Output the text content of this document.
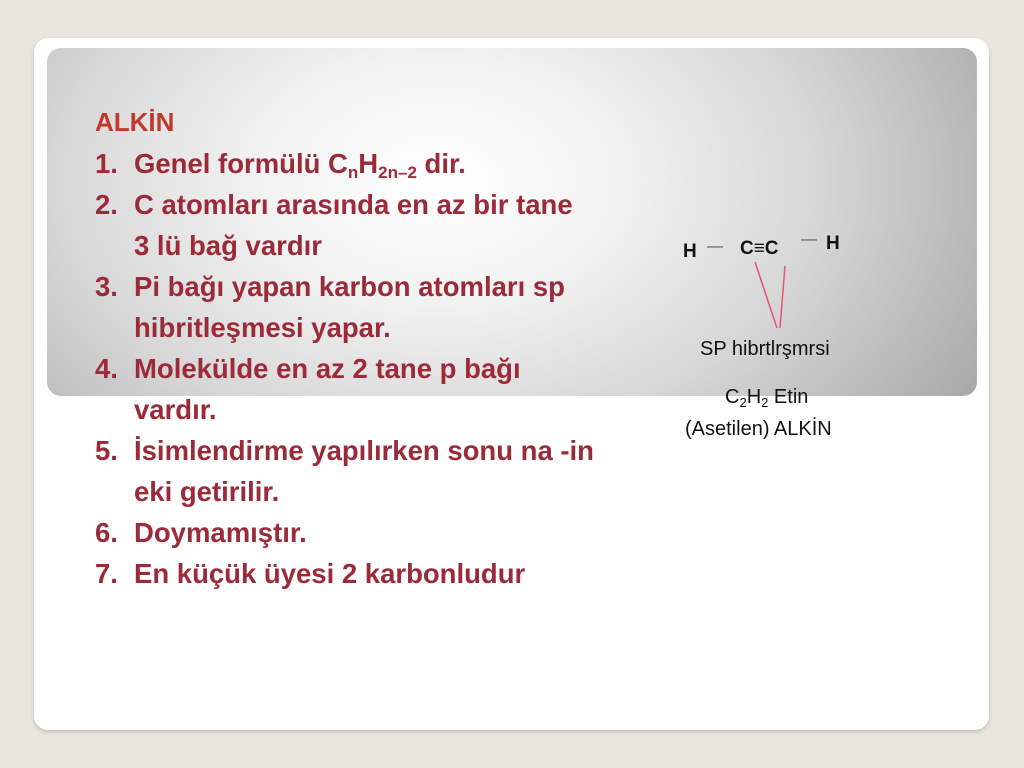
ALKİN
1. Genel formülü $C_nH_{2n-2}$ dir.
2. C atomları arasında en az bir tane 3 lü bağ vardır
3. Pi bağı yapan karbon atomları sp hibritleşmesi yapar.
4. Molekülde en az 2 tane p bağı vardır.
5. İsimlendirme yapılırken sonu na -in eki getirilir.
6. Doymamıştır.
7. En küçük üyesi 2 karbonludur
H — C≡C — H
SP hibrtlrşmrsi
$C_2H_2$ Etin
(Asetilen) ALKİN
